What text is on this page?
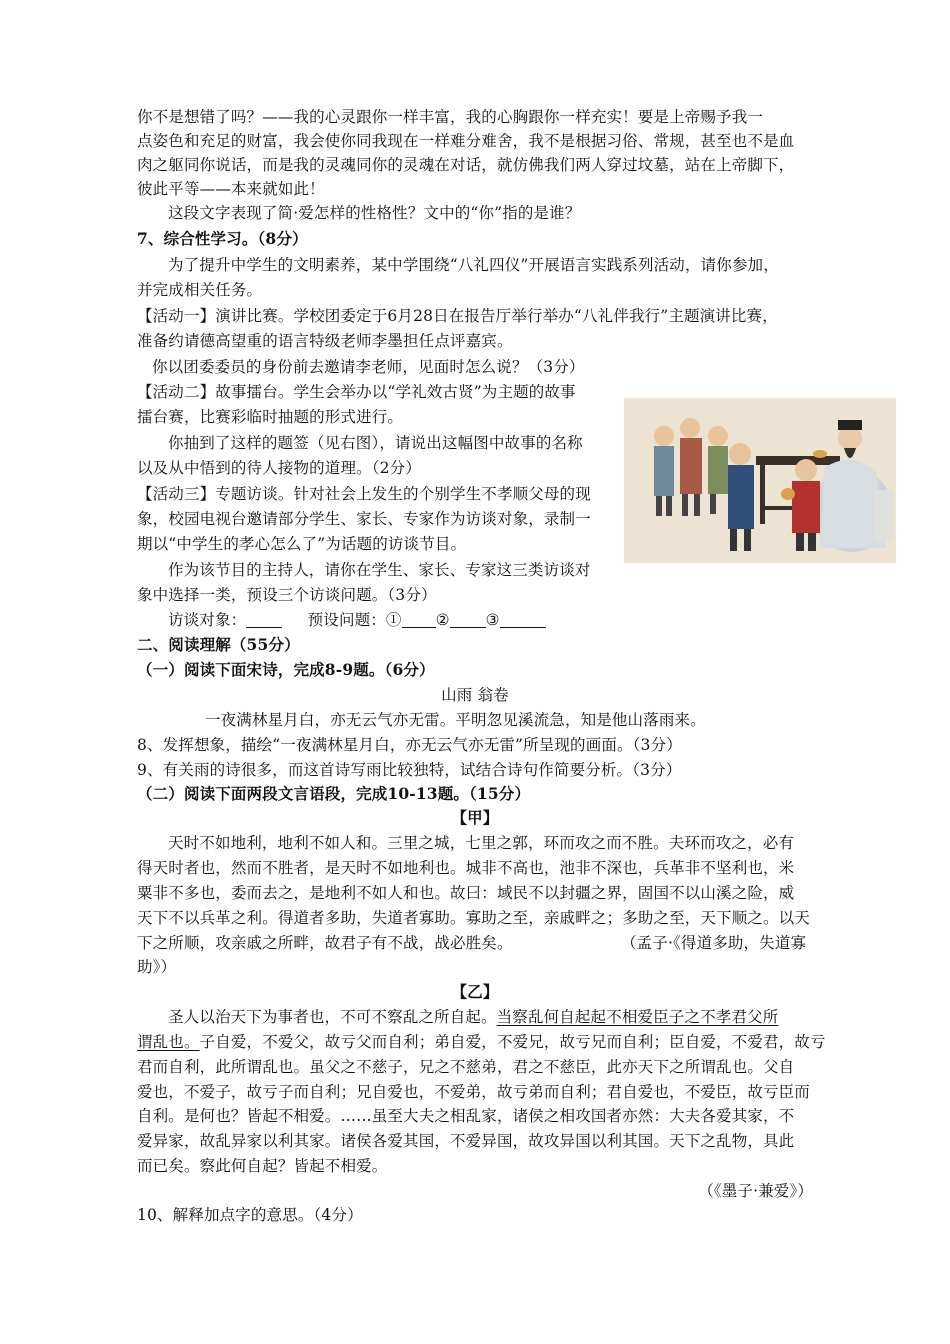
你不是想错了吗？——我的心灵跟你一样丰富，我的心胸跟你一样充实！要是上帝赐予我一
点姿色和充足的财富，我会使你同我现在一样难分难舍，我不是根据习俗、常规，甚至也不是血
肉之躯同你说话，而是我的灵魂同你的灵魂在对话，就仿佛我们两人穿过坟墓，站在上帝脚下，
彼此平等——本来就如此！
这段文字表现了简·爱怎样的性格性？文中的“你”指的是谁？
7、综合性学习。（8分）
为了提升中学生的文明素养，某中学围绕“八礼四仪”开展语言实践系列活动，请你参加，
并完成相关任务。
【活动一】演讲比赛。学校团委定于6月28日在报告厅举行举办“八礼伴我行”主题演讲比赛，
准备约请德高望重的语言特级老师李墨担任点评嘉宾。
你以团委委员的身份前去邀请李老师，见面时怎么说？（3分）
【活动二】故事擂台。学生会举办以“学礼效古贤”为主题的故事
擂台赛，比赛彩临时抽题的形式进行。
你抽到了这样的题签（见右图），请说出这幅图中故事的名称
以及从中悟到的待人接物的道理。（2分）
【活动三】专题访谈。针对社会上发生的个别学生不孝顺父母的现
象，校园电视台邀请部分学生、家长、专家作为访谈对象，录制一
期以“中学生的孝心怎么了”为话题的访谈节目。
作为该节目的主持人，请你在学生、家长、专家这三类访谈对
象中选择一类，预设三个访谈问题。（3分）
访谈对象：	预设问题：① ② ③
二、阅读理解（55分）
（一）阅读下面宋诗，完成8-9题。（6分）
山雨 翁卷
一夜满林星月白，亦无云气亦无雷。平明忽见溪流急，知是他山落雨来。
8、发挥想象，描绘“一夜满林星月白，亦无云气亦无雷”所呈现的画面。（3分）
9、有关雨的诗很多，而这首诗写雨比较独特，试结合诗句作简要分析。（3分）
（二）阅读下面两段文言语段，完成10-13题。（15分）
【甲】
天时不如地利，地利不如人和。三里之城，七里之郭，环而攻之而不胜。夫环而攻之，必有
得天时者也，然而不胜者，是天时不如地利也。城非不高也，池非不深也，兵革非不坚利也，米
粟非不多也，委而去之，是地利不如人和也。故曰：域民不以封疆之界，固国不以山溪之险，威
天下不以兵革之利。得道者多助，失道者寡助。寡助之至，亲戚畔之；多助之至，天下顺之。以天
下之所顺，攻亲戚之所畔，故君子有不战，战必胜矣。	（孟子·《得道多助，失道寡
助》）
【乙】
圣人以治天下为事者也，不可不察乱之所自起。当察乱何自起起不相爱臣子之不孝君父所
谓乱也。子自爱，不爱父，故亏父而自利；弟自爱，不爱兄，故亏兄而自利；臣自爱，不爱君，故亏
君而自利，此所谓乱也。虽父之不慈子，兄之不慈弟，君之不慈臣，此亦天下之所谓乱也。父自
爱也，不爱子，故亏子而自利；兄自爱也，不爱弟，故亏弟而自利；君自爱也，不爱臣，故亏臣而
自利。是何也？皆起不相爱。……虽至大夫之相乱家，诸侯之相攻国者亦然：大夫各爱其家，不
爱异家，故乱异家以利其家。诸侯各爱其国，不爱异国，故攻异国以利其国。天下之乱物，具此
而已矣。察此何自起？皆起不相爱。
（《墨子·兼爱》）
10、解释加点字的意思。（4分）
